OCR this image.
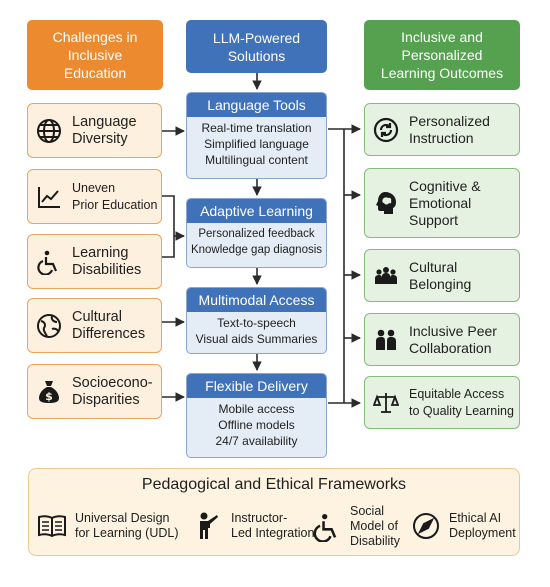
Challenges in
Inclusive
Education
LLM-Powered
Solutions
Inclusive and
Personalized
Learning Outcomes
Language
Diversity
Uneven
Prior Education
Learning
Disabilities
Cultural
Differences
$
Socioecono-
Disparities
Language Tools
Real-time translation
Simplified language
Multilingual content
Adaptive Learning
Personalized feedback
Knowledge gap diagnosis
Multimodal Access
Text-to-speech
Visual aids Summaries
Flexible Delivery
Mobile access
Offline models
24/7 availability
Personalized
Instruction
Cognitive &
Emotional
Support
Cultural
Belonging
Inclusive Peer
Collaboration
Equitable Access
to Quality Learning
Pedagogical and Ethical Frameworks
Universal Design
for Learning (UDL)
Instructor-
Led Integration
Social
Model of
Disability
Ethical AI
Deployment
